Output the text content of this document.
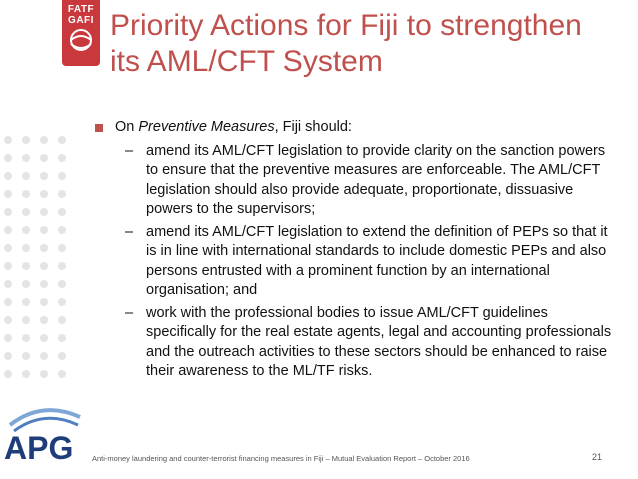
FATF
GAFI Priority Actions for Fiji to strengthen its AML/CFT System
On Preventive Measures, Fiji should:
– amend its AML/CFT legislation to provide clarity on the sanction powers to ensure that the preventive measures are enforceable. The AML/CFT legislation should also provide adequate, proportionate, dissuasive powers to the supervisors;
– amend its AML/CFT legislation to extend the definition of PEPs so that it is in line with international standards to include domestic PEPs and also persons entrusted with a prominent function by an international organisation; and
– work with the professional bodies to issue AML/CFT guidelines specifically for the real estate agents, legal and accounting professionals and the outreach activities to these sectors should be enhanced to raise their awareness to the ML/TF risks.
APG Anti-money laundering and counter-terrorist financing measures in Fiji – Mutual Evaluation Report – October 2016	21
